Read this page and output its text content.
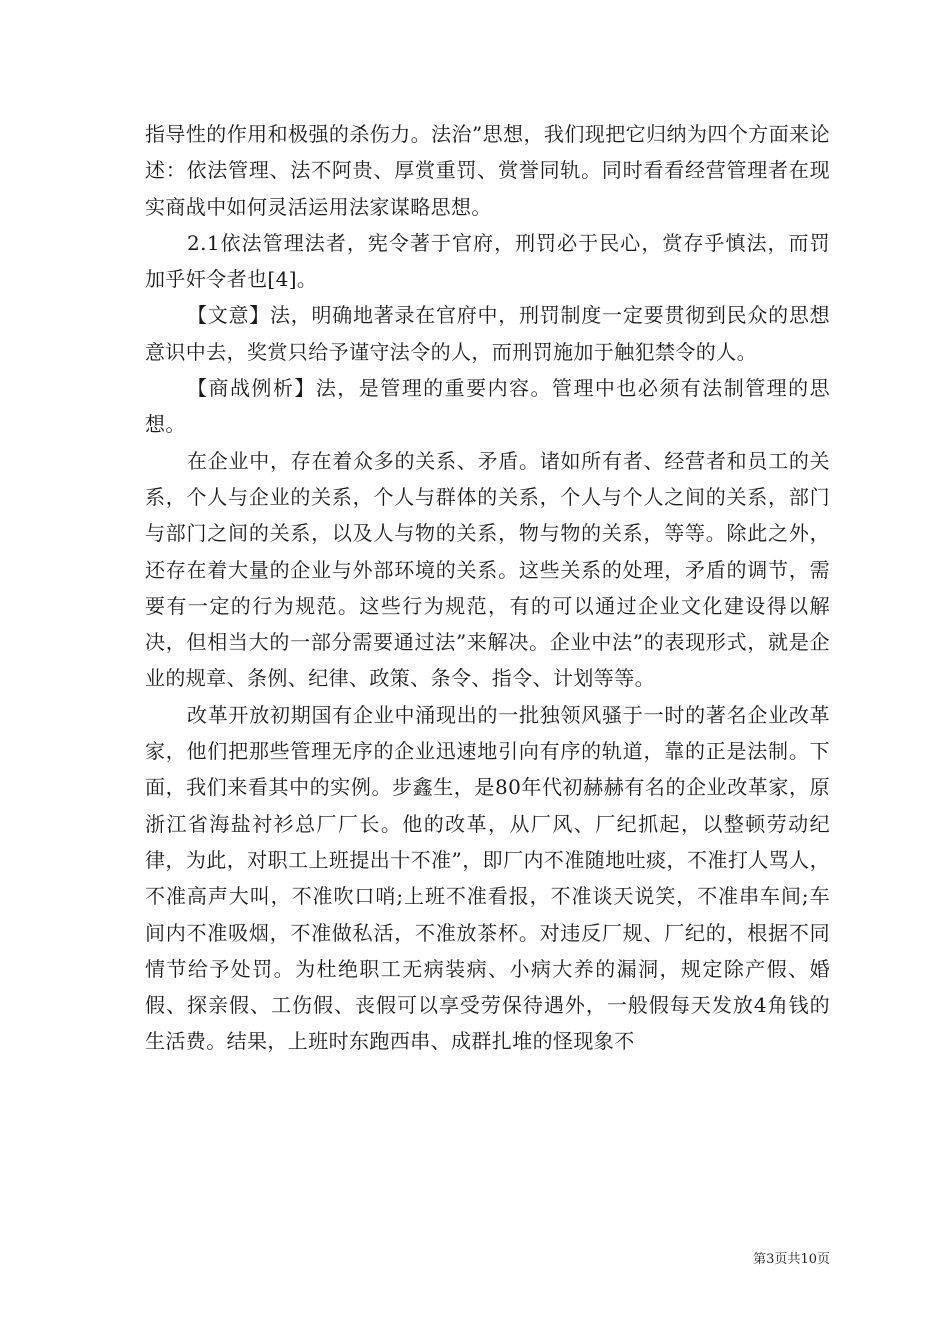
指导性的作用和极强的杀伤力。法治”思想，我们现把它归纳为四个方面来论述：依法管理、法不阿贵、厚赏重罚、赏誉同轨。同时看看经营管理者在现实商战中如何灵活运用法家谋略思想。

2.1依法管理法者，宪令著于官府，刑罚必于民心，赏存乎慎法，而罚加乎奸令者也[4]。

【文意】法，明确地著录在官府中，刑罚制度一定要贯彻到民众的思想意识中去，奖赏只给予谨守法令的人，而刑罚施加于触犯禁令的人。

【商战例析】法，是管理的重要内容。管理中也必须有法制管理的思想。

在企业中，存在着众多的关系、矛盾。诸如所有者、经营者和员工的关系，个人与企业的关系，个人与群体的关系，个人与个人之间的关系，部门与部门之间的关系，以及人与物的关系，物与物的关系，等等。除此之外，还存在着大量的企业与外部环境的关系。这些关系的处理，矛盾的调节，需要有一定的行为规范。这些行为规范，有的可以通过企业文化建设得以解决，但相当大的一部分需要通过法”来解决。企业中法”的表现形式，就是企业的规章、条例、纪律、政策、条令、指令、计划等等。

改革开放初期国有企业中涌现出的一批独领风骚于一时的著名企业改革家，他们把那些管理无序的企业迅速地引向有序的轨道，靠的正是法制。下面，我们来看其中的实例。步鑫生，是80年代初赫赫有名的企业改革家，原浙江省海盐衬衫总厂厂长。他的改革，从厂风、厂纪抓起，以整顿劳动纪律，为此，对职工上班提出十不准”，即厂内不准随地吐痰，不准打人骂人，不准高声大叫，不准吹口哨;上班不准看报，不准谈天说笑，不准串车间;车间内不准吸烟，不准做私活，不准放茶杯。对违反厂规、厂纪的，根据不同情节给予处罚。为杜绝职工无病装病、小病大养的漏洞，规定除产假、婚假、探亲假、工伤假、丧假可以享受劳保待遇外，一般假每天发放4角钱的生活费。结果，上班时东跑西串、成群扎堆的怪现象不

第3页共10页
